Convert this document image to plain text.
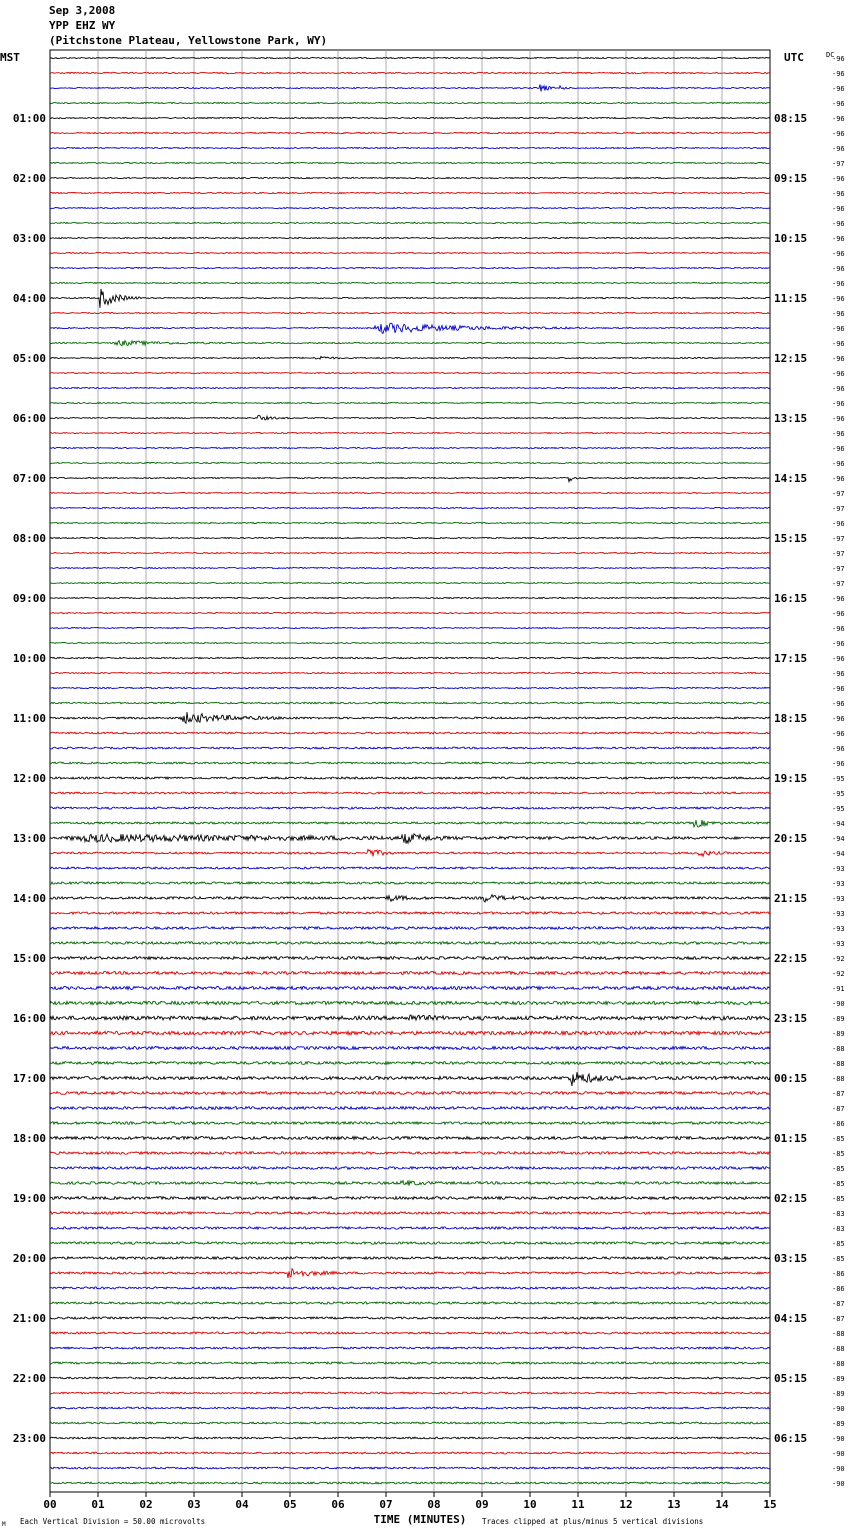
Sep 3,2008
YPP EHZ WY
(Pitchstone Plateau, Yellowstone Park, WY)
00	01	02	03	04	05	06	07	08	09	10	11	12	13	14	15
-96
-96
-96
-96
-96
01:00	08:15
-96
-96
-97
-96
02:00	09:15
-96
-96
-96
-96
03:00	10:15
-96
-96
-96
-96
04:00	11:15
-96
-96
-96
-96
05:00	12:15
-96
-96
-96
-96
06:00	13:15
-96
-96
-96
-96
07:00	14:15
-97
-97
-96
-97
08:00	15:15
-97
-97
-97
-96
09:00	16:15
-96
-96
-96
-96
10:00	17:15
-96
-96
-96
-96
11:00	18:15
-96
-96
-96
-95
12:00	19:15
-95
-95
-94
-94
13:00	20:15
-94
-93
-93
-93
14:00	21:15
-93
-93
-93
-92
15:00	22:15
-92
-91
-90
-89
16:00	23:15
-89
-88
-88
-88
17:00	00:15
-87
-87
-86
-85
18:00	01:15
-85
-85
-85
-85
19:00	02:15
-83
-83
-85
-85
20:00	03:15
-86
-86
-87
-87
21:00	04:15
-88
-88
-88
-89
22:00	05:15
-89
-90
-89
-90
23:00	06:15
-90
-90
-90
MST	UTC	DC
TIME (MINUTES)
Each Vertical Division = 50.00 microvolts	Traces clipped at plus/minus 5 vertical divisions
M
